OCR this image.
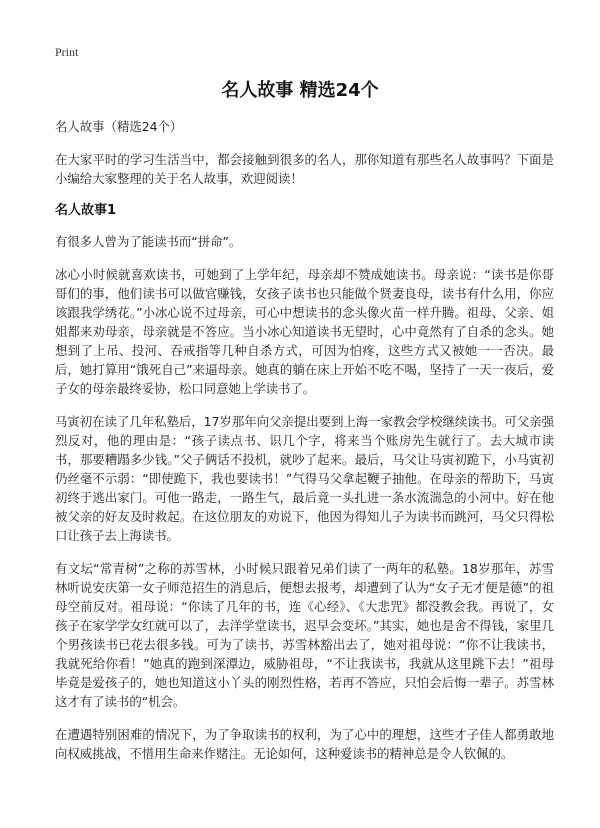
Print
名人故事 精选24个

名人故事（精选24个）

在大家平时的学习生活当中，都会接触到很多的名人，那你知道有那些名人故事吗？下面是小编给大家整理的关于名人故事，欢迎阅读！

名人故事1

有很多人曾为了能读书而“拼命”。

冰心小时候就喜欢读书，可她到了上学年纪，母亲却不赞成她读书。母亲说：“读书是你哥哥们的事，他们读书可以做官赚钱，女孩子读书也只能做个贤妻良母，读书有什么用，你应该跟我学绣花。”小冰心说不过母亲，可心中想读书的念头像火苗一样升腾。祖母、父亲、姐姐都来劝母亲，母亲就是不答应。当小冰心知道读书无望时，心中竟然有了自杀的念头。她想到了上吊、投河、吞戒指等几种自杀方式，可因为怕疼，这些方式又被她一一否决。最后，她打算用“饿死自己”来逼母亲。她真的躺在床上开始不吃不喝，坚持了一天一夜后，爱子女的母亲最终妥协，松口同意她上学读书了。

马寅初在读了几年私塾后，17岁那年向父亲提出要到上海一家教会学校继续读书。可父亲强烈反对，他的理由是：“孩子读点书、识几个字，将来当个账房先生就行了。去大城市读书，那要糟蹋多少钱。”父子俩话不投机，就吵了起来。最后，马父让马寅初跪下，小马寅初仍丝毫不示弱：“即使跪下，我也要读书！”气得马父拿起鞭子抽他。在母亲的帮助下，马寅初终于逃出家门。可他一路走，一路生气，最后竟一头扎进一条水流湍急的小河中。好在他被父亲的好友及时救起。在这位朋友的劝说下，他因为得知儿子为读书而跳河，马父只得松口让孩子去上海读书。

有文坛“常青树”之称的苏雪林，小时候只跟着兄弟们读了一两年的私塾。18岁那年，苏雪林听说安庆第一女子师范招生的消息后，便想去报考，却遭到了认为“女子无才便是德”的祖母空前反对。祖母说：“你读了几年的书，连《心经》、《大悲咒》都没教会我。再说了，女孩子在家学学女红就可以了，去洋学堂读书，迟早会变坏。”其实，她也是舍不得钱，家里几个男孩读书已花去很多钱。可为了读书，苏雪林豁出去了，她对祖母说：“你不让我读书，我就死给你看！”她真的跑到深潭边，威胁祖母，“不让我读书，我就从这里跳下去！”祖母毕竟是爱孩子的，她也知道这小丫头的刚烈性格，若再不答应，只怕会后悔一辈子。苏雪林这才有了读书的“机会。

在遭遇特别困难的情况下，为了争取读书的权利，为了心中的理想，这些才子佳人都勇敢地向权威挑战，不惜用生命来作赌注。无论如何，这种爱读书的精神总是令人钦佩的。
